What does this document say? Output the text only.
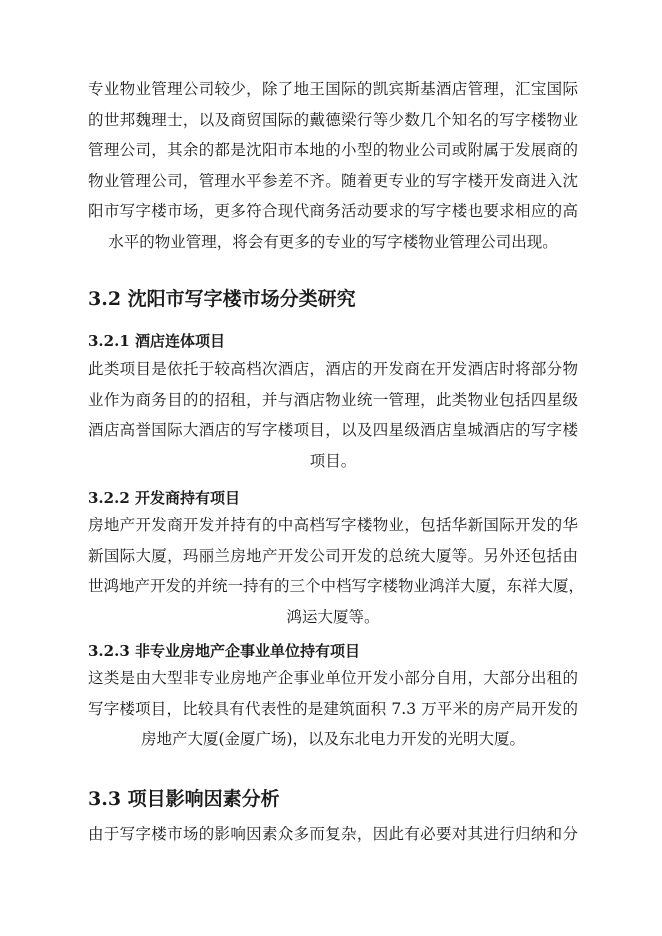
专业物业管理公司较少，除了地王国际的凯宾斯基酒店管理，汇宝国际
的世邦魏理士，以及商贸国际的戴德梁行等少数几个知名的写字楼物业
管理公司，其余的都是沈阳市本地的小型的物业公司或附属于发展商的
物业管理公司，管理水平参差不齐。随着更专业的写字楼开发商进入沈
阳市写字楼市场，更多符合现代商务活动要求的写字楼也要求相应的高
水平的物业管理，将会有更多的专业的写字楼物业管理公司出现。
3.2 沈阳市写字楼市场分类研究
3.2.1 酒店连体项目
此类项目是依托于较高档次酒店，酒店的开发商在开发酒店时将部分物
业作为商务目的的招租，并与酒店物业统一管理，此类物业包括四星级
酒店高誉国际大酒店的写字楼项目，以及四星级酒店皇城酒店的写字楼
项目。
3.2.2 开发商持有项目
房地产开发商开发并持有的中高档写字楼物业，包括华新国际开发的华
新国际大厦，玛丽兰房地产开发公司开发的总统大厦等。另外还包括由
世鸿地产开发的并统一持有的三个中档写字楼物业鸿洋大厦，东祥大厦，
鸿运大厦等。
3.2.3 非专业房地产企事业单位持有项目
这类是由大型非专业房地产企事业单位开发小部分自用，大部分出租的
写字楼项目，比较具有代表性的是建筑面积 7.3 万平米的房产局开发的
房地产大厦(金厦广场)，以及东北电力开发的光明大厦。
3.3 项目影响因素分析
由于写字楼市场的影响因素众多而复杂，因此有必要对其进行归纳和分
